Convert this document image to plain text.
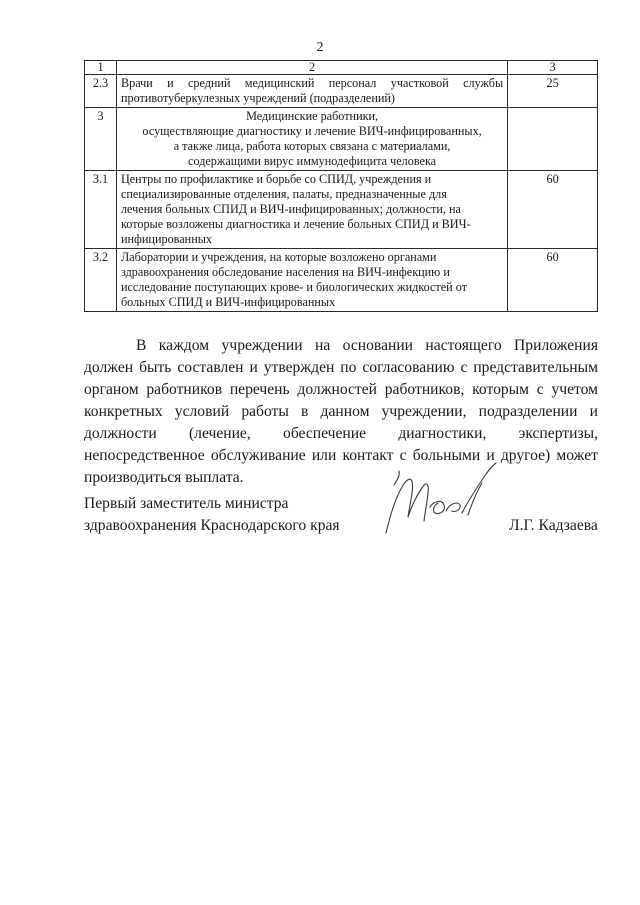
2
1	2	3
2.3	Врачи и средний медицинский персонал участковой службы противотуберкулезных учреждений (подразделений)	25
3	Медицинские работники,
осуществляющие диагностику и лечение ВИЧ-инфицированных,
а также лица, работа которых связана с материалами,
содержащими вирус иммунодефицита человека	

3.1	Центры по профилактике и борьбе со СПИД, учреждения и
специализированные отделения, палаты, предназначенные для
лечения больных СПИД и ВИЧ-инфицированных; должности, на
которые возложены диагностика и лечение больных СПИД и ВИЧ-
инфицированных	60
3.2	Лаборатории и учреждения, на которые возложено органами
здравоохранения обследование населения на ВИЧ-инфекцию и
исследование поступающих крове- и биологических жидкостей от
больных СПИД и ВИЧ-инфицированных	60

В каждом учреждении на основании настоящего Приложения должен быть составлен и утвержден по согласованию с представительным органом работников перечень должностей работников, которым с учетом конкретных условий работы в данном учреждении, подразделении и должности (лечение, обеспечение диагностики, экспертизы, непосредственное обслуживание или контакт с больными и другое) может производиться выплата.

Первый заместитель министра
здравоохранения Краснодарского края	Л.Г. Кадзаева
